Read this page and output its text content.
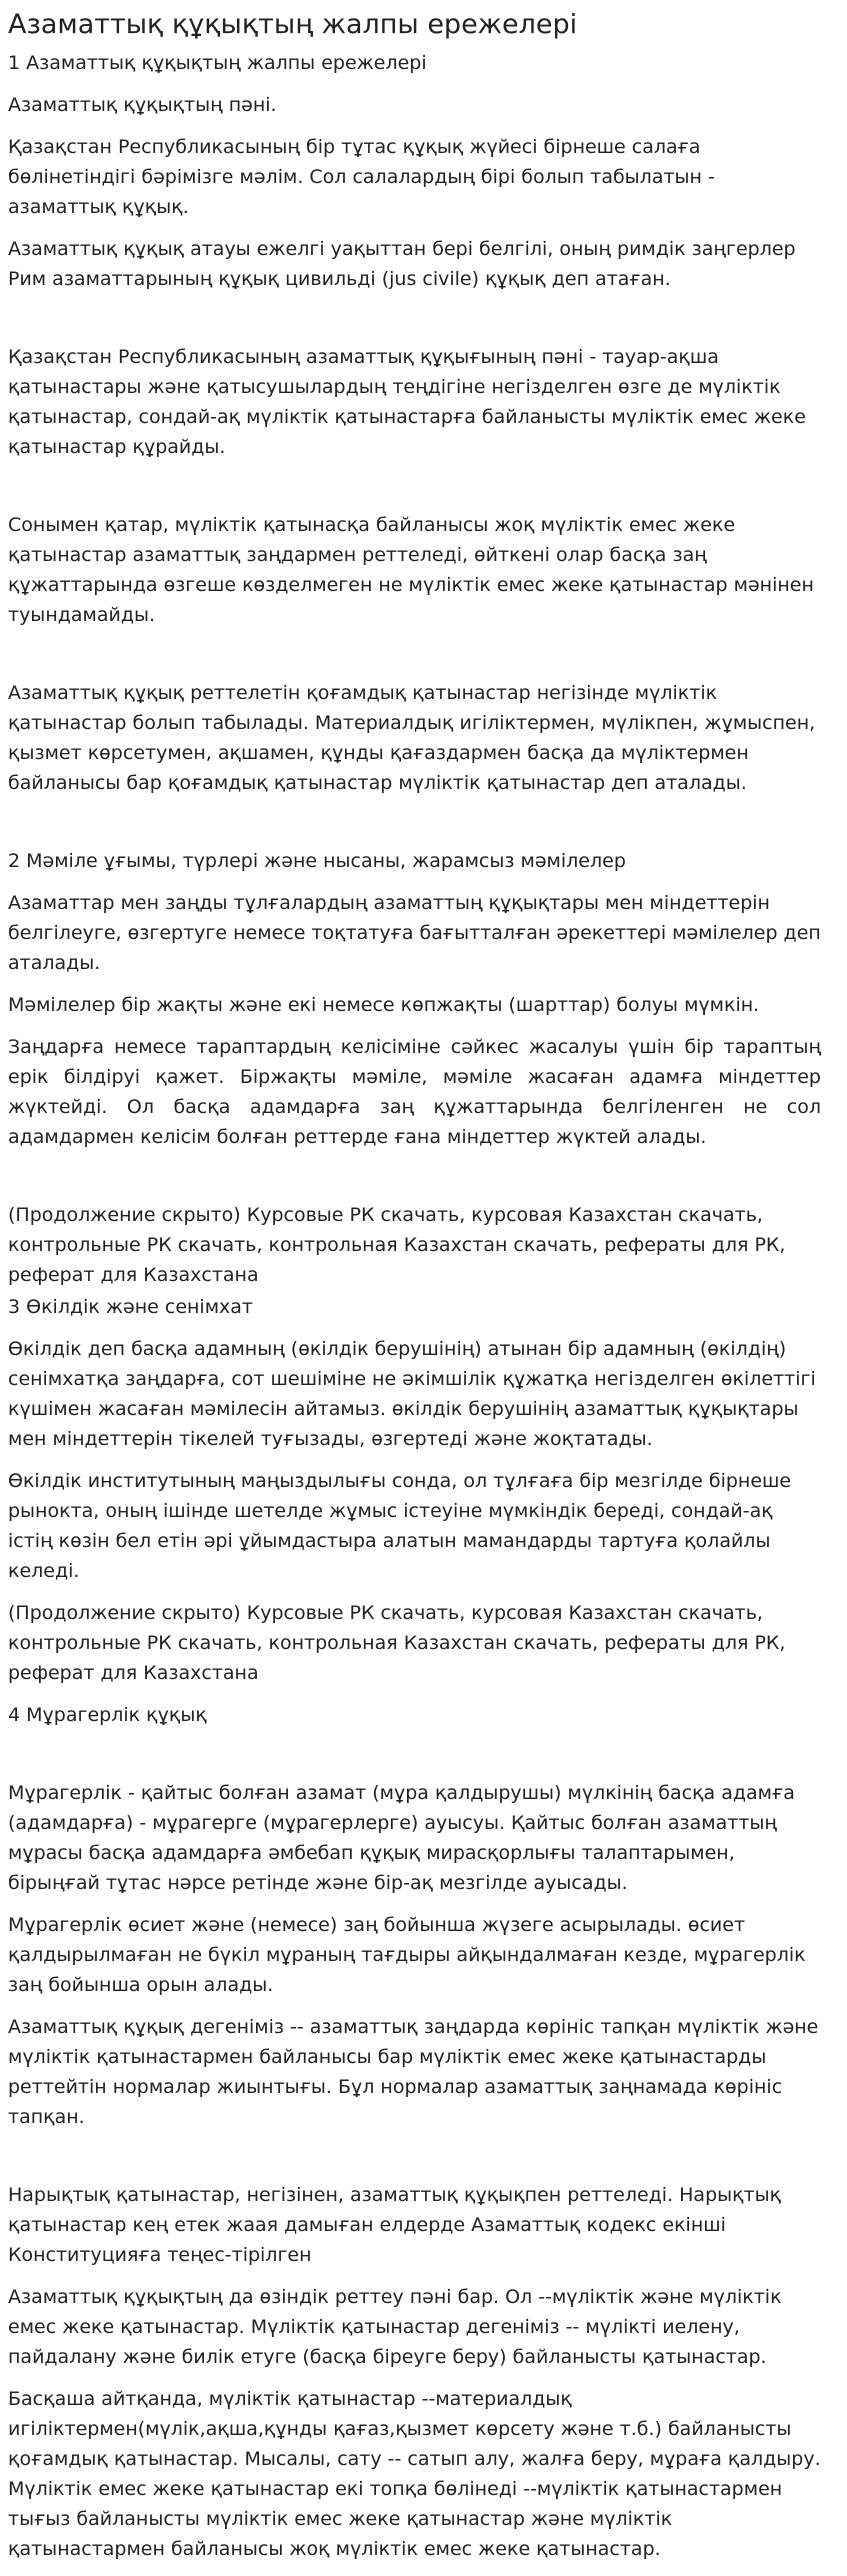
Азаматтық құқықтың жалпы ережелері
1 Азаматтық құқықтың жалпы ережелері

Азаматтық құқықтың пәні.

Қазақстан Республикасының бір тұтас құқық жүйесі бірнеше салаға бөлінетіндігі бәрімізге мәлім. Сол салалардың бірі болып табылатын - азаматтық құқық.

Азаматтық құқық атауы ежелгі уақыттан бері белгілі, оның римдік заңгерлер Рим азаматтарының құқық цивильді (jus civile) құқық деп атаған.

Қазақстан Республикасының азаматтық құқығының пәні - тауар-ақша қатынастары және қатысушылардың теңдігіне негізделген өзге де мүліктік қатынастар, сондай-ақ мүліктік қатынастарға байланысты мүліктік емес жеке қатынастар құрайды.

Сонымен қатар, мүліктік қатынасқа байланысы жоқ мүліктік емес жеке қатынастар азаматтық заңдармен реттеледі, өйткені олар басқа заң құжаттарында өзгеше көзделмеген не мүліктік емес жеке қатынастар мәнінен туындамайды.

Азаматтық құқық реттелетін қоғамдық қатынастар негізінде мүліктік қатынастар болып табылады. Материалдық игіліктермен, мүлікпен, жұмыспен, қызмет көрсетумен, ақшамен, құнды қағаздармен басқа да мүліктермен байланысы бар қоғамдық қатынастар мүліктік қатынастар деп аталады.

2 Мәміле ұғымы, түрлері және нысаны, жарамсыз мәмілелер

Азаматтар мен заңды тұлғалардың азаматтың құқықтары мен міндеттерін белгілеуге, өзгертуге немесе тоқтатуға бағытталған әрекеттері мәмілелер деп аталады.

Мәмілелер бір жақты және екі немесе көпжақты (шарттар) болуы мүмкін.

Заңдарға немесе тараптардың келісіміне сәйкес жасалуы үшін бір тараптың ерік білдіруі қажет. Біржақты мәміле, мәміле жасаған адамға міндеттер жүктейді. Ол басқа адамдарға заң құжаттарында белгіленген не сол адамдармен келісім болған реттерде ғана міндеттер жүктей алады.

(Продолжение скрыто) Курсовые РК скачать, курсовая Казахстан скачать, контрольные РК скачать, контрольная Казахстан скачать, рефераты для РК, реферат для Казахстана

3 Өкілдік және сенімхат

Өкілдік деп басқа адамның (өкілдік берушінің) атынан бір адамның (өкілдің) сенімхатқа заңдарға, сот шешіміне не әкімшілік құжатқа негізделген өкілеттігі күшімен жасаған мәмілесін айтамыз. өкілдік берушінің азаматтық құқықтары мен міндеттерін тікелей туғызады, өзгертеді және жоқтатады.

Өкілдік институтының маңыздылығы сонда, ол тұлғаға бір мезгілде бірнеше рынокта, оның ішінде шетелде жұмыс істеуіне мүмкіндік береді, сондай-ақ істің көзін бел етін әрі ұйымдастыра алатын мамандарды тартуға қолайлы келеді.

(Продолжение скрыто) Курсовые РК скачать, курсовая Казахстан скачать, контрольные РК скачать, контрольная Казахстан скачать, рефераты для РК, реферат для Казахстана

4 Мұрагерлік құқық

Мұрагерлік - қайтыс болған азамат (мұра қалдырушы) мүлкінің басқа адамға (адамдарға) - мұрагерге (мұрагерлерге) ауысуы. Қайтыс болған азаматтың мұрасы басқа адамдарға әмбебап құқық мирасқорлығы талаптарымен, бірыңғай тұтас нәрсе ретінде және бір-ақ мезгілде ауысады.

Мұрагерлік өсиет және (немесе) заң бойынша жүзеге асырылады. өсиет қалдырылмаған не бүкіл мұраның тағдыры айқындалмаған кезде, мұрагерлік заң бойынша орын алады.

Азаматтық құқық дегеніміз -- азаматтық заңдарда көрініс тапқан мүліктік және мүліктік қатынастармен байланысы бар мүліктік емес жеке қатынастарды реттейтін нормалар жиынтығы. Бұл нормалар азаматтық заңнамада көрініс тапқан.

Нарықтық қатынастар, негізінен, азаматтық құқықпен реттеледі. Нарықтық қатынастар кең етек жаая дамыған елдерде Азаматтық кодекс екінші Конституцияға теңес-тірілген

Азаматтық құқықтың да өзіндік реттеу пәні бар. Ол --мүліктік және мүліктік емес жеке қатынастар. Мүліктік қатынастар дегеніміз -- мүлікті иелену, пайдалану және билік етуге (басқа біреуге беру) байланысты қатынастар.

Басқаша айтқанда, мүліктік қатынастар --материалдық игіліктермен(мүлік,ақша,құнды қағаз,қызмет көрсету және т.б.) байланысты қоғамдық қатынастар. Мысалы, сату -- сатып алу, жалға беру, мұраға қалдыру. Мүліктік емес жеке қатынастар екі топқа бөлінеді --мүліктік қатынастармен тығыз байланысты мүліктік емес жеке қатынастар және мүліктік қатынастармен байланысы жоқ мүліктік емес жеке қатынастар.
